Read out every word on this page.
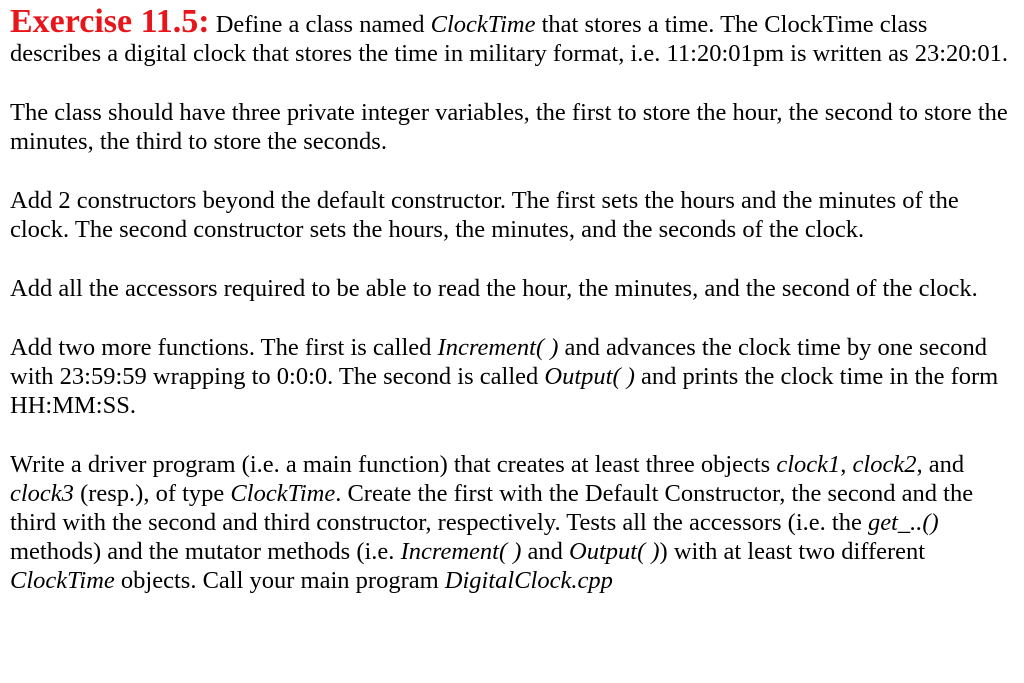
Exercise 11.5: Define a class named ClockTime that stores a time. The ClockTime class describes a digital clock that stores the time in military format, i.e. 11:20:01pm is written as 23:20:01.

The class should have three private integer variables, the first to store the hour, the second to store the minutes, the third to store the seconds.

Add 2 constructors beyond the default constructor. The first sets the hours and the minutes of the clock. The second constructor sets the hours, the minutes, and the seconds of the clock.

Add all the accessors required to be able to read the hour, the minutes, and the second of the clock.

Add two more functions. The first is called Increment( ) and advances the clock time by one second with 23:59:59 wrapping to 0:0:0. The second is called Output( ) and prints the clock time in the form HH:MM:SS.

Write a driver program (i.e. a main function) that creates at least three objects clock1, clock2, and clock3 (resp.), of type ClockTime. Create the first with the Default Constructor, the second and the third with the second and third constructor, respectively. Tests all the accessors (i.e. the get_..() methods) and the mutator methods (i.e. Increment( ) and Output( )) with at least two different ClockTime objects. Call your main program DigitalClock.cpp
